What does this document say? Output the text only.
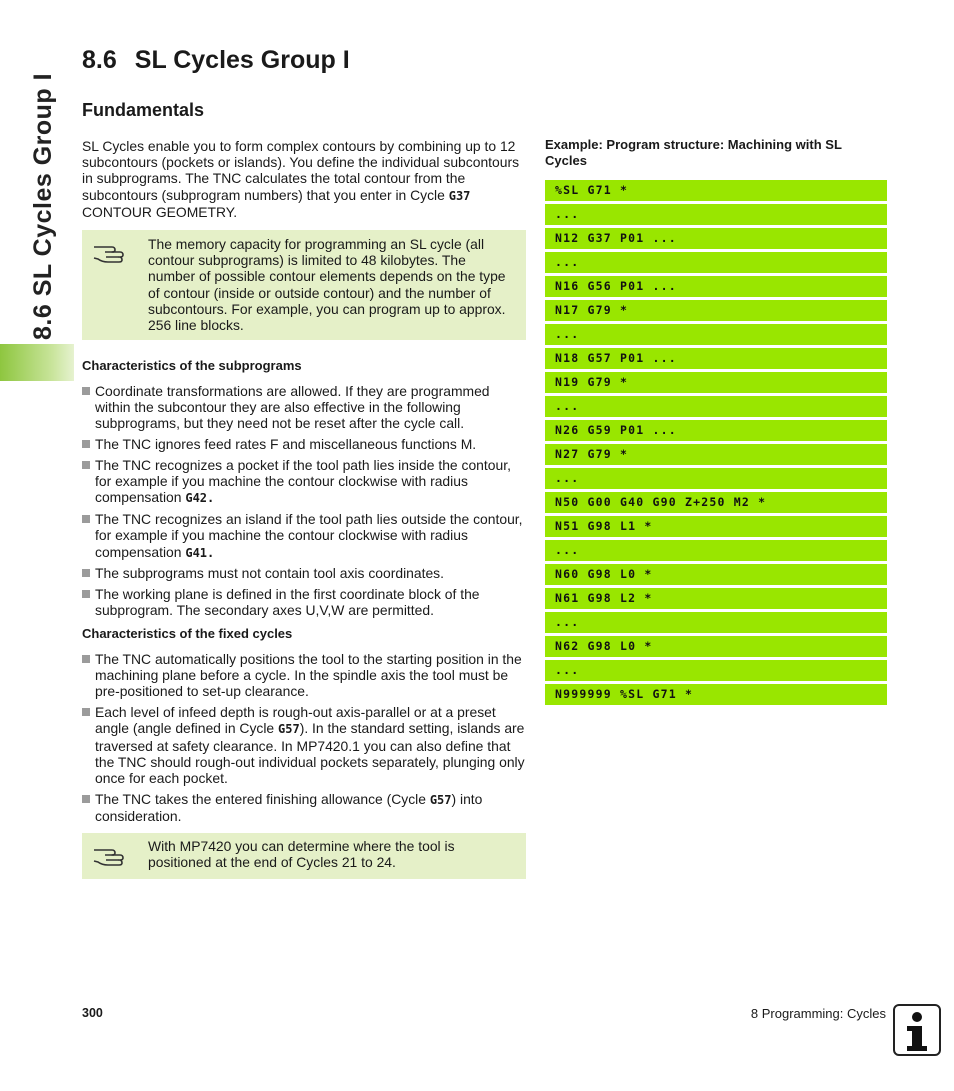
8.6 SL Cycles Group I
8.6 SL Cycles Group I
Fundamentals

SL Cycles enable you to form complex contours by combining up to 12 subcontours (pockets or islands). You define the individual subcontours in subprograms. The TNC calculates the total contour from the subcontours (subprogram numbers) that you enter in Cycle G37 CONTOUR GEOMETRY.

The memory capacity for programming an SL cycle (all contour subprograms) is limited to 48 kilobytes. The number of possible contour elements depends on the type of contour (inside or outside contour) and the number of subcontours. For example, you can program up to approx. 256 line blocks.

Characteristics of the subprograms

Coordinate transformations are allowed. If they are programmed within the subcontour they are also effective in the following subprograms, but they need not be reset after the cycle call.
The TNC ignores feed rates F and miscellaneous functions M.
The TNC recognizes a pocket if the tool path lies inside the contour, for example if you machine the contour clockwise with radius compensation G42.
The TNC recognizes an island if the tool path lies outside the contour, for example if you machine the contour clockwise with radius compensation G41.
The subprograms must not contain tool axis coordinates.
The working plane is defined in the first coordinate block of the subprogram. The secondary axes U,V,W are permitted.

Characteristics of the fixed cycles

The TNC automatically positions the tool to the starting position in the machining plane before a cycle. In the spindle axis the tool must be pre-positioned to set-up clearance.
Each level of infeed depth is rough-out axis-parallel or at a preset angle (angle defined in Cycle G57). In the standard setting, islands are traversed at safety clearance. In MP7420.1 you can also define that the TNC should rough-out individual pockets separately, plunging only once for each pocket.
The TNC takes the entered finishing allowance (Cycle G57) into consideration.
With MP7420 you can determine where the tool is positioned at the end of Cycles 21 to 24.

Example: Program structure: Machining with SL Cycles

%SL G71 *
...
N12 G37 P01 ...
...
N16 G56 P01 ...
N17 G79 *
...
N18 G57 P01 ...
N19 G79 *
...
N26 G59 P01 ...
N27 G79 *
...
N50 G00 G40 G90 Z+250 M2 *
N51 G98 L1 *
...
N60 G98 L0 *
N61 G98 L2 *
...
N62 G98 L0 *
...
N999999 %SL G71 *
300	8 Programming: Cycles
